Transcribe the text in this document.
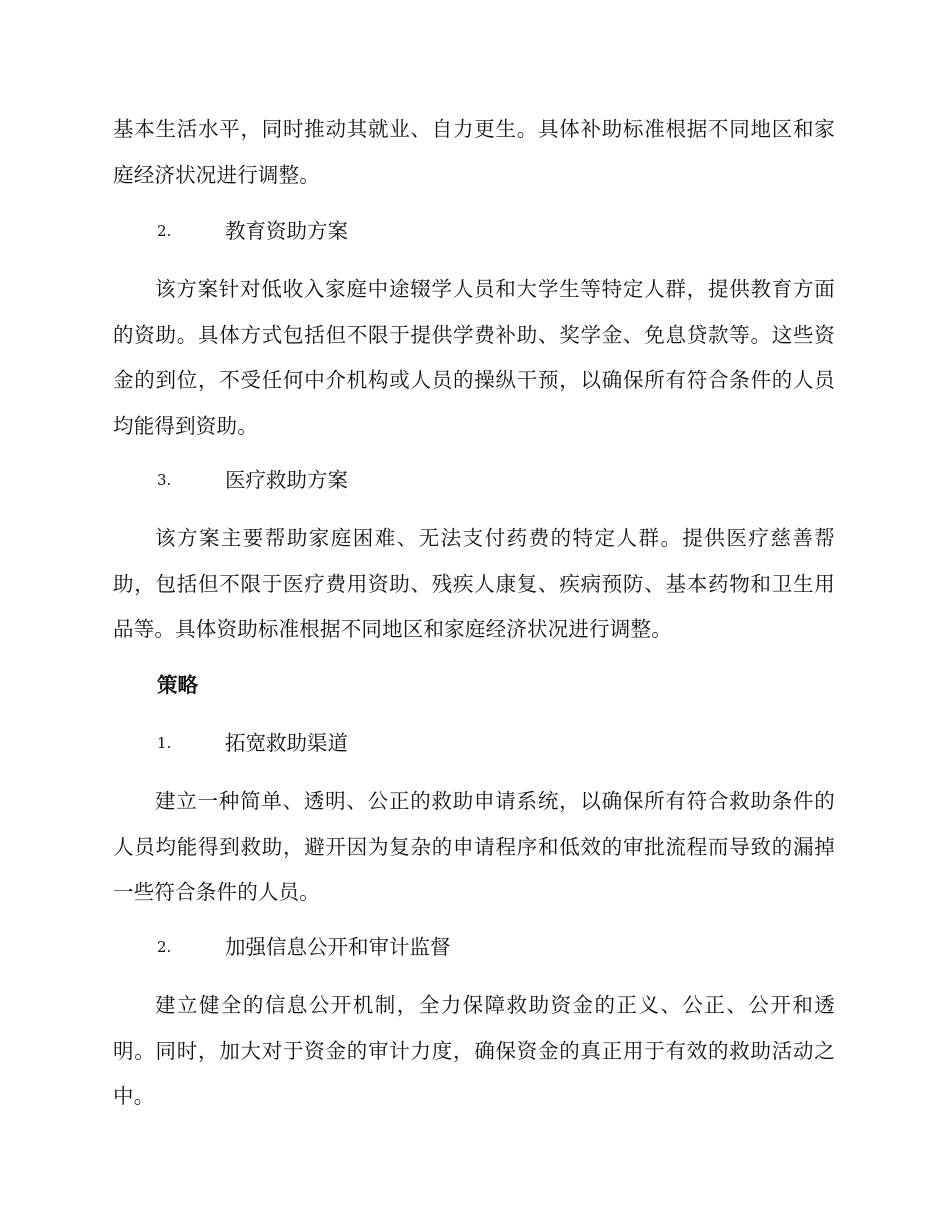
基本生活水平，同时推动其就业、自力更生。具体补助标准根据不同地区和家庭经济状况进行调整。

2.	教育资助方案

该方案针对低收入家庭中途辍学人员和大学生等特定人群，提供教育方面的资助。具体方式包括但不限于提供学费补助、奖学金、免息贷款等。这些资金的到位，不受任何中介机构或人员的操纵干预，以确保所有符合条件的人员均能得到资助。

3.	医疗救助方案

该方案主要帮助家庭困难、无法支付药费的特定人群。提供医疗慈善帮助，包括但不限于医疗费用资助、残疾人康复、疾病预防、基本药物和卫生用品等。具体资助标准根据不同地区和家庭经济状况进行调整。

策略

1.	拓宽救助渠道

建立一种简单、透明、公正的救助申请系统，以确保所有符合救助条件的人员均能得到救助，避开因为复杂的申请程序和低效的审批流程而导致的漏掉一些符合条件的人员。

2.	加强信息公开和审计监督

建立健全的信息公开机制，全力保障救助资金的正义、公正、公开和透明。同时，加大对于资金的审计力度，确保资金的真正用于有效的救助活动之中。
